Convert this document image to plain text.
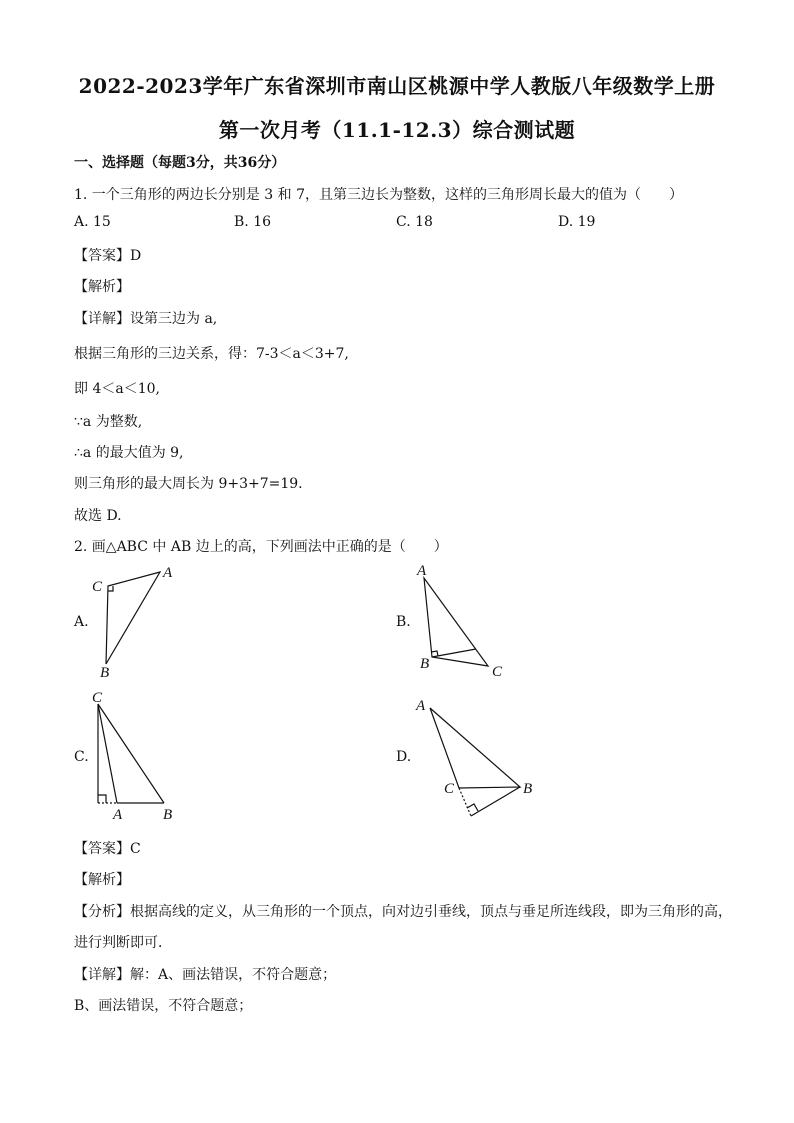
2022-2023学年广东省深圳市南山区桃源中学人教版八年级数学上册
第一次月考（11.1-12.3）综合测试题
一、选择题（每题3分，共36分）
1. 一个三角形的两边长分别是 3 和 7，且第三边长为整数，这样的三角形周长最大的值为（　　）
A. 15	B. 16	C. 18	D. 19
【答案】D
【解析】
【详解】设第三边为 a,
根据三角形的三边关系，得：7-3＜a＜3+7,
即 4＜a＜10,
∵a 为整数,
∴a 的最大值为 9,
则三角形的最大周长为 9+3+7=19.
故选 D.
2. 画△ABC 中 AB 边上的高，下列画法中正确的是（　　）
A.
C
A
B
B.
A
B	C
C.
C
A	B
D.
A
C	B
【答案】C
【解析】
【分析】根据高线的定义，从三角形的一个顶点，向对边引垂线，顶点与垂足所连线段，即为三角形的高，
进行判断即可．
【详解】解：A、画法错误，不符合题意；
B、画法错误，不符合题意；
